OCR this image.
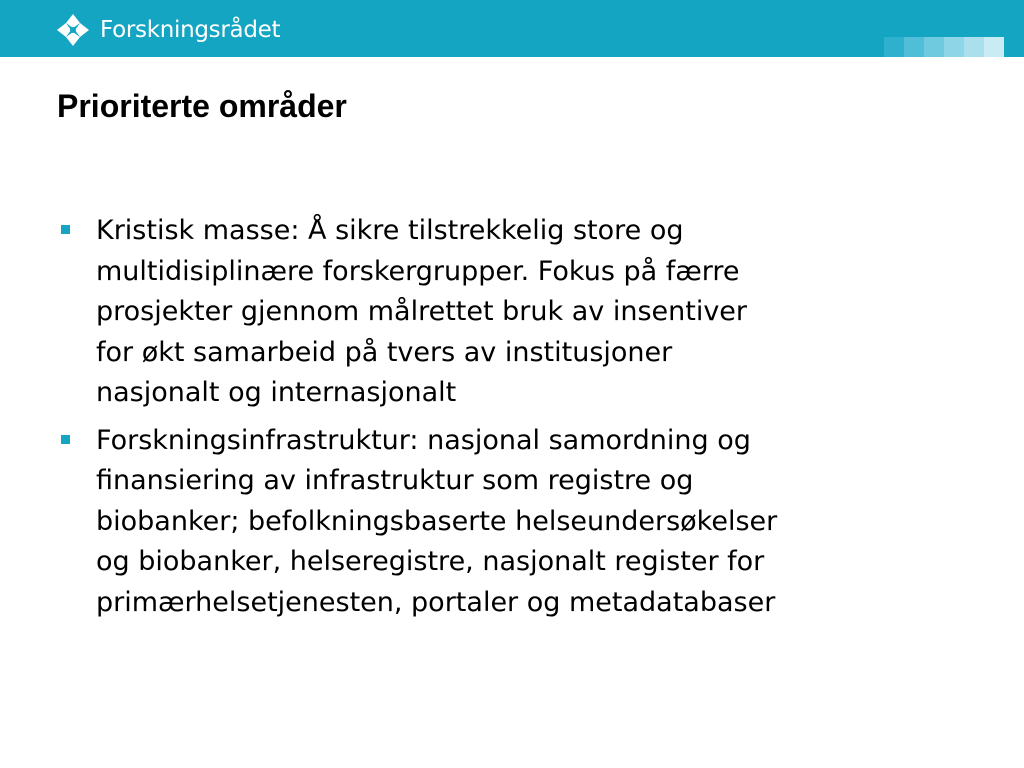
Forskningsrådet
Prioriterte områder
Kristisk masse: Å sikre tilstrekkelig store og
multidisiplinære forskergrupper. Fokus på færre
prosjekter gjennom målrettet bruk av insentiver
for økt samarbeid på tvers av institusjoner
nasjonalt og internasjonalt
Forskningsinfrastruktur: nasjonal samordning og
finansiering av infrastruktur som registre og
biobanker; befolkningsbaserte helseundersøkelser
og biobanker, helseregistre, nasjonalt register for
primærhelsetjenesten, portaler og metadatabaser
